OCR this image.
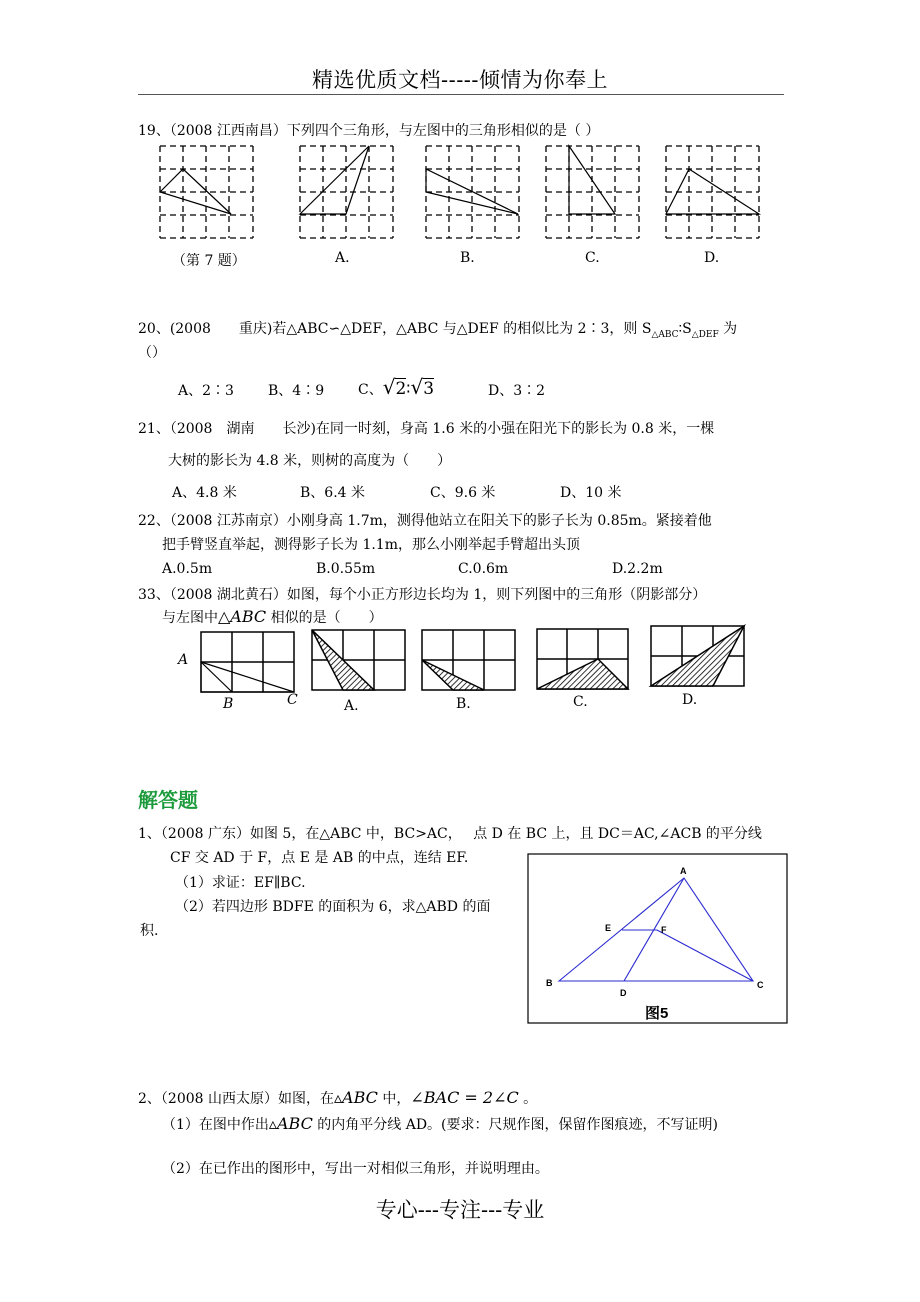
精选优质文档-----倾情为你奉上
专心---专注---专业
19、（2008 江西南昌）下列四个三角形，与左图中的三角形相似的是（ ）
（第 7 题）	A.	B.	C.	D.
20、(2008　　重庆)若△ABC∽△DEF，△ABC 与△DEF 的相似比为 2∶3，则 $S_{\triangle ABC}∶S_{\triangle DEF}$ 为
（）
A、2∶3 B、4∶9 C、√2∶√3	D、3∶2
21、（2008　湖南　　长沙)在同一时刻，身高 1.6 米的小强在阳光下的影长为 0.8 米，一棵
大树的影长为 4.8 米，则树的高度为（　　）
A、4.8 米	B、6.4 米	C、9.6 米	D、10 米
22、（2008 江苏南京）小刚身高 1.7m，测得他站立在阳关下的影子长为 0.85m。紧接着他
把手臂竖直举起，测得影子长为 1.1m，那么小刚举起手臂超出头顶
A.0.5m	B.0.55m	C.0.6m	D.2.2m
33、（2008 湖北黄石）如图，每个小正方形边长均为 1，则下列图中的三角形（阴影部分）
与左图中△ABC 相似的是（　　）
A
B	C	A.	B.	C.	D.
解答题
1、（2008 广东）如图 5，在△ABC 中，BC>AC，　 点 D 在 BC 上，且 DC＝AC,∠ACB 的平分线
CF 交 AD 于 F，点 E 是 AB 的中点，连结 EF.
（1）求证：EF∥BC.
（2）若四边形 BDFE 的面积为 6，求△ABD 的面
积.
A
E	F
B
D
C
图5
2、（2008 山西太原）如图，在▵ABC 中，∠BAC = 2∠C 。
（1）在图中作出▵ABC 的内角平分线 AD。(要求：尺规作图，保留作图痕迹，不写证明)
（2）在已作出的图形中，写出一对相似三角形，并说明理由。
